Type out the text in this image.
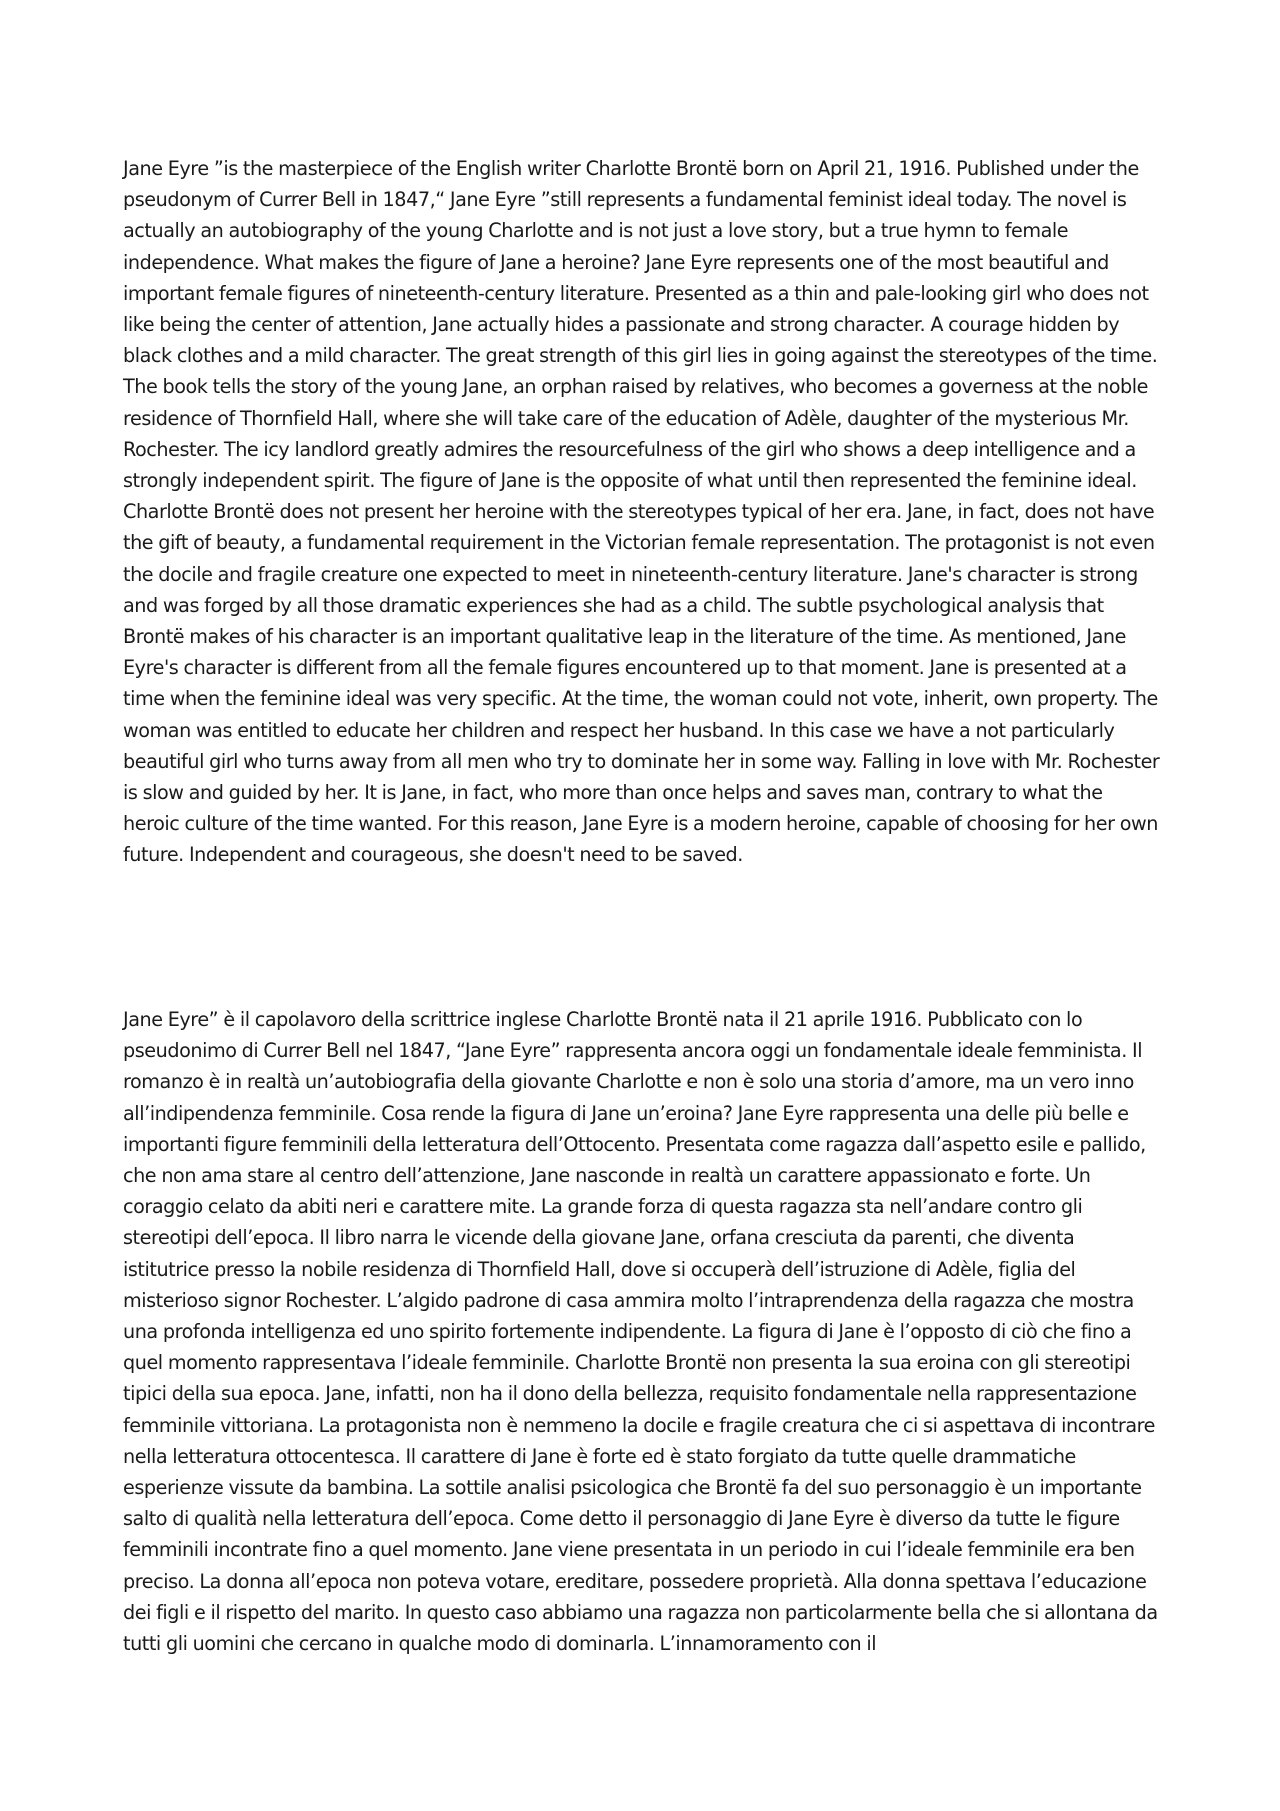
Jane Eyre ”is the masterpiece of the English writer Charlotte Brontë born on April 21, 1916. Published under the pseudonym of Currer Bell in 1847,“ Jane Eyre ”still represents a fundamental feminist ideal today. The novel is actually an autobiography of the young Charlotte and is not just a love story, but a true hymn to female independence. What makes the figure of Jane a heroine? Jane Eyre represents one of the most beautiful and important female figures of nineteenth-century literature. Presented as a thin and pale-looking girl who does not like being the center of attention, Jane actually hides a passionate and strong character. A courage hidden by black clothes and a mild character. The great strength of this girl lies in going against the stereotypes of the time. The book tells the story of the young Jane, an orphan raised by relatives, who becomes a governess at the noble residence of Thornfield Hall, where she will take care of the education of Adèle, daughter of the mysterious Mr. Rochester. The icy landlord greatly admires the resourcefulness of the girl who shows a deep intelligence and a strongly independent spirit. The figure of Jane is the opposite of what until then represented the feminine ideal. Charlotte Brontë does not present her heroine with the stereotypes typical of her era. Jane, in fact, does not have the gift of beauty, a fundamental requirement in the Victorian female representation. The protagonist is not even the docile and fragile creature one expected to meet in nineteenth-century literature. Jane's character is strong and was forged by all those dramatic experiences she had as a child. The subtle psychological analysis that Brontë makes of his character is an important qualitative leap in the literature of the time. As mentioned, Jane Eyre's character is different from all the female figures encountered up to that moment. Jane is presented at a time when the feminine ideal was very specific. At the time, the woman could not vote, inherit, own property. The woman was entitled to educate her children and respect her husband. In this case we have a not particularly beautiful girl who turns away from all men who try to dominate her in some way. Falling in love with Mr. Rochester is slow and guided by her. It is Jane, in fact, who more than once helps and saves man, contrary to what the heroic culture of the time wanted. For this reason, Jane Eyre is a modern heroine, capable of choosing for her own future. Independent and courageous, she doesn't need to be saved.

Jane Eyre” è il capolavoro della scrittrice inglese Charlotte Brontë nata il 21 aprile 1916. Pubblicato con lo pseudonimo di Currer Bell nel 1847, “Jane Eyre” rappresenta ancora oggi un fondamentale ideale femminista. Il romanzo è in realtà un’autobiografia della giovante Charlotte e non è solo una storia d’amore, ma un vero inno all’indipendenza femminile. Cosa rende la figura di Jane un’eroina? Jane Eyre rappresenta una delle più belle e importanti figure femminili della letteratura dell’Ottocento. Presentata come ragazza dall’aspetto esile e pallido, che non ama stare al centro dell’attenzione, Jane nasconde in realtà un carattere appassionato e forte. Un coraggio celato da abiti neri e carattere mite. La grande forza di questa ragazza sta nell’andare contro gli stereotipi dell’epoca. Il libro narra le vicende della giovane Jane, orfana cresciuta da parenti, che diventa istitutrice presso la nobile residenza di Thornfield Hall, dove si occuperà dell’istruzione di Adèle, figlia del misterioso signor Rochester. L’algido padrone di casa ammira molto l’intraprendenza della ragazza che mostra una profonda intelligenza ed uno spirito fortemente indipendente. La figura di Jane è l’opposto di ciò che fino a quel momento rappresentava l’ideale femminile. Charlotte Brontë non presenta la sua eroina con gli stereotipi tipici della sua epoca. Jane, infatti, non ha il dono della bellezza, requisito fondamentale nella rappresentazione femminile vittoriana. La protagonista non è nemmeno la docile e fragile creatura che ci si aspettava di incontrare nella letteratura ottocentesca. Il carattere di Jane è forte ed è stato forgiato da tutte quelle drammatiche esperienze vissute da bambina. La sottile analisi psicologica che Brontë fa del suo personaggio è un importante salto di qualità nella letteratura dell’epoca. Come detto il personaggio di Jane Eyre è diverso da tutte le figure femminili incontrate fino a quel momento. Jane viene presentata in un periodo in cui l’ideale femminile era ben preciso. La donna all’epoca non poteva votare, ereditare, possedere proprietà. Alla donna spettava l’educazione dei figli e il rispetto del marito. In questo caso abbiamo una ragazza non particolarmente bella che si allontana da tutti gli uomini che cercano in qualche modo di dominarla. L’innamoramento con il
